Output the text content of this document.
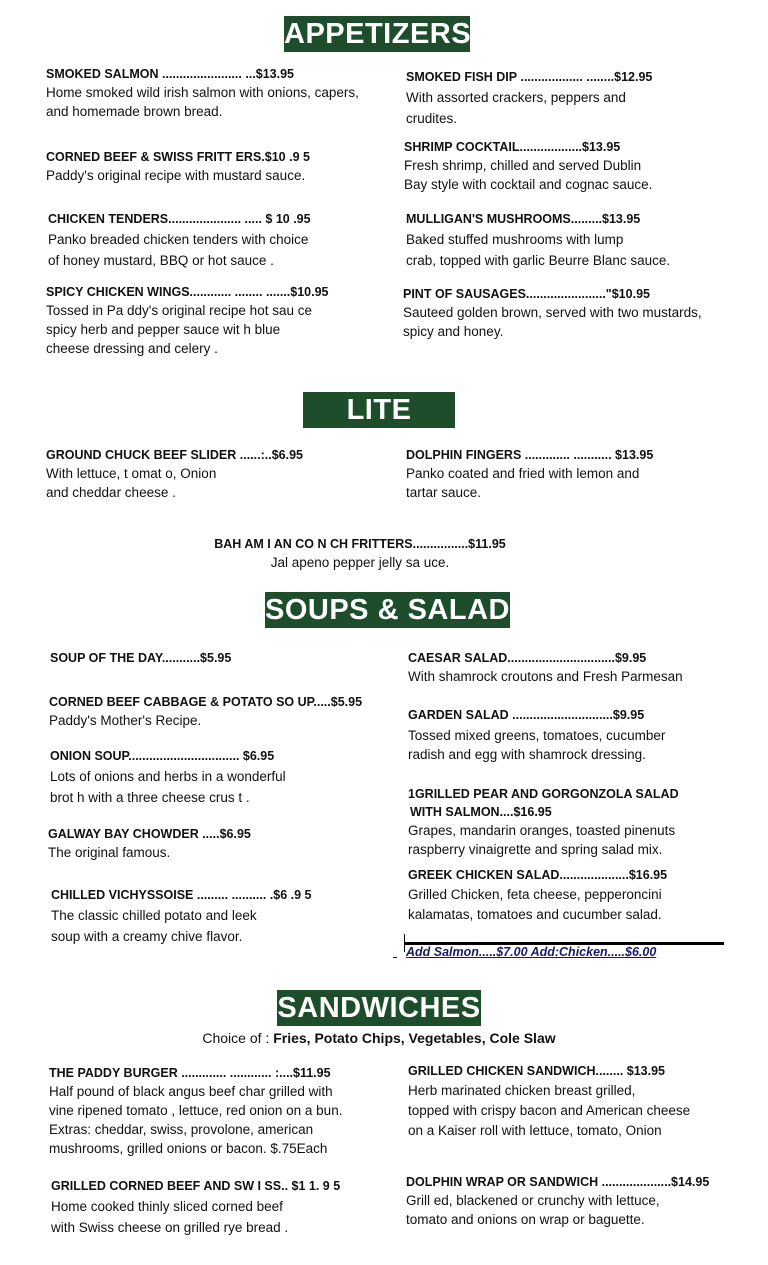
APPETIZERS
LITE BITES
SOUPS & SALAD
SANDWICHES
SMOKED SALMON ....................... ...$13.95
Home smoked wild irish salmon with onions, capers,
and homemade brown bread.
SMOKED FISH DIP .................. ........$12.95
With assorted crackers, peppers and
crudites.
CORNED BEEF & SWISS FRITT ERS.$10 .9 5
Paddy's original recipe with mustard sauce.
SHRIMP COCKTAIL..................$13.95
Fresh shrimp, chilled and served Dublin
Bay style with cocktail and cognac sauce.
CHICKEN TENDERS..................... ..... $ 10 .95
Panko breaded chicken tenders with choice
of honey mustard, BBQ or hot sauce .
MULLIGAN'S MUSHROOMS.........$13.95
Baked stuffed mushrooms with lump
crab, topped with garlic Beurre Blanc sauce.
SPICY CHICKEN WINGS............ ........ .......$10.95
Tossed in Pa ddy's original recipe hot sau ce
spicy herb and pepper sauce wit h blue
cheese dressing and celery .
PINT OF SAUSAGES......................."$10.95
Sauteed golden brown, served with two mustards,
spicy and honey.
GROUND CHUCK BEEF SLIDER ......:..$6.95
With lettuce, t omat o, Onion
and cheddar cheese .
DOLPHIN FINGERS ............. ........... $13.95
Panko coated and fried with lemon and
tartar sauce.
BAH AM I AN CO N CH FRITTERS................$11.95
Jal apeno pepper jelly sa uce.
SOUP OF THE DAY...........$5.95	CAESAR SALAD...............................$9.95
With shamrock croutons and Fresh Parmesan
CORNED BEEF CABBAGE & POTATO SO UP.....$5.95
Paddy's Mother's Recipe.	GARDEN SALAD .............................$9.95
Tossed mixed greens, tomatoes, cucumber
radish and egg with shamrock dressing.
ONION SOUP................................ $6.95
Lots of onions and herbs in a wonderful
brot h with a three cheese crus t .	1GRILLED PEAR AND GORGONZOLA SALAD
WITH SALMON....$16.95
Grapes, mandarin oranges, toasted pinenuts
raspberry vinaigrette and spring salad mix.
GALWAY BAY CHOWDER .....$6.95
The original famous.
GREEK CHICKEN SALAD....................$16.95
Grilled Chicken, feta cheese, pepperoncini
kalamatas, tomatoes and cucumber salad.
CHILLED VICHYSSOISE ......... .......... .$6 .9 5
The classic chilled potato and leek
soup with a creamy chive flavor.
Add Salmon.....$7.00 Add:Chicken.....$6.00
Choice of : Fries, Potato Chips, Vegetables, Cole Slaw
THE PADDY BURGER ............. ............ :....$11.95
Half pound of black angus beef char grilled with
vine ripened tomato , lettuce, red onion on a bun.
Extras: cheddar, swiss, provolone, american
mushrooms, grilled onions or bacon. $.75Each
GRILLED CHICKEN SANDWICH........ $13.95
Herb marinated chicken breast grilled,
topped with crispy bacon and American cheese
on a Kaiser roll with lettuce, tomato, Onion
GRILLED CORNED BEEF AND SW I SS.. $1 1. 9 5
Home cooked thinly sliced corned beef
with Swiss cheese on grilled rye bread .
DOLPHIN WRAP OR SANDWICH ....................$14.95
Grill ed, blackened or crunchy with lettuce,
tomato and onions on wrap or baguette.
